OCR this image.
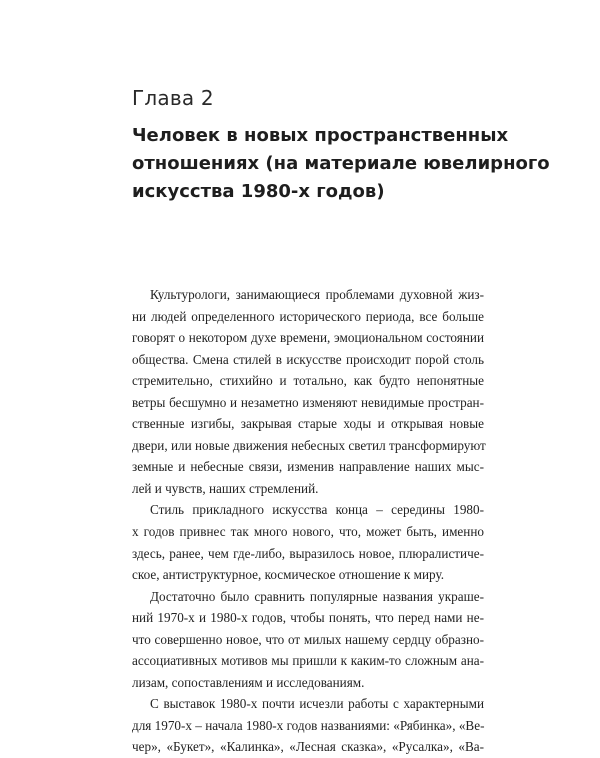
Глава 2
Человек в новых пространственных
отношениях (на материале ювелирного
искусства 1980-х годов)
Культурологи, занимающиеся проблемами духовной жиз-
ни людей определенного исторического периода, все больше
говорят о некотором духе времени, эмоциональном состоянии
общества. Смена стилей в искусстве происходит порой столь
стремительно, стихийно и тотально, как будто непонятные
ветры бесшумно и незаметно изменяют невидимые простран-
ственные изгибы, закрывая старые ходы и открывая новые
двери, или новые движения небесных светил трансформируют
земные и небесные связи, изменив направление наших мыс-
лей и чувств, наших стремлений.
Стиль прикладного искусства конца – середины 1980-
х годов привнес так много нового, что, может быть, именно
здесь, ранее, чем где-либо, выразилось новое, плюралистиче-
ское, антиструктурное, космическое отношение к миру.
Достаточно было сравнить популярные названия украше-
ний 1970-х и 1980-х годов, чтобы понять, что перед нами не-
что совершенно новое, что от милых нашему сердцу образно-
ассоциативных мотивов мы пришли к каким-то сложным ана-
лизам, сопоставлениям и исследованиям.
С выставок 1980-х почти исчезли работы с характерными
для 1970-х – начала 1980-х годов названиями: «Рябинка», «Ве-
чер», «Букет», «Калинка», «Лесная сказка», «Русалка», «Ва-
